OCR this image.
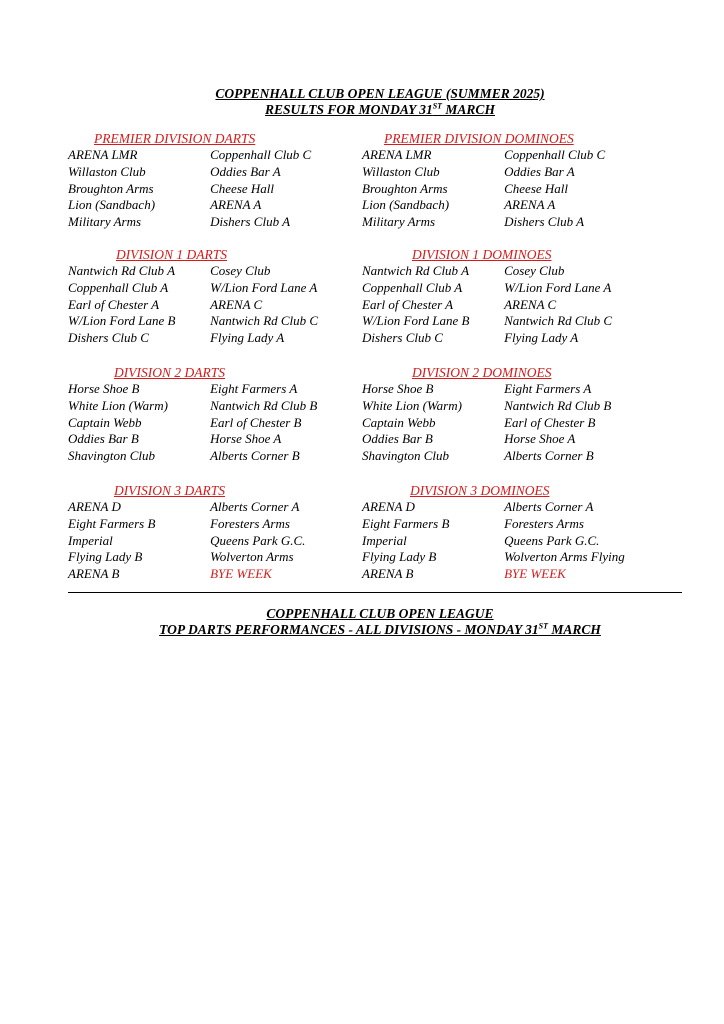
COPPENHALL CLUB OPEN LEAGUE (SUMMER 2025)
RESULTS FOR MONDAY 31ST MARCH
PREMIER DIVISION DARTS
ARENA LMR	Coppenhall Club C
Willaston Club	Oddies Bar A
Broughton Arms	Cheese Hall
Lion (Sandbach)	ARENA A
Military Arms	Dishers Club A
PREMIER DIVISION DOMINOES
ARENA LMR	Coppenhall Club C
Willaston Club	Oddies Bar A
Broughton Arms	Cheese Hall
Lion (Sandbach)	ARENA A
Military Arms	Dishers Club A
DIVISION 1 DARTS
Nantwich Rd Club A	Cosey Club
Coppenhall Club A	W/Lion Ford Lane A
Earl of Chester A	ARENA C
W/Lion Ford Lane B	Nantwich Rd Club C
Dishers Club C	Flying Lady A
DIVISION 1 DOMINOES
Nantwich Rd Club A	Cosey Club
Coppenhall Club A	W/Lion Ford Lane A
Earl of Chester A	ARENA C
W/Lion Ford Lane B	Nantwich Rd Club C
Dishers Club C	Flying Lady A
DIVISION 2 DARTS
Horse Shoe B	Eight Farmers A
White Lion (Warm)	Nantwich Rd Club B
Captain Webb	Earl of Chester B
Oddies Bar B	Horse Shoe A
Shavington Club	Alberts Corner B
DIVISION 2 DOMINOES
Horse Shoe B	Eight Farmers A
White Lion (Warm)	Nantwich Rd Club B
Captain Webb	Earl of Chester B
Oddies Bar B	Horse Shoe A
Shavington Club	Alberts Corner B
DIVISION 3 DARTS
ARENA D	Alberts Corner A
Eight Farmers B	Foresters Arms
Imperial	Queens Park G.C.
Flying Lady B	Wolverton Arms
ARENA B	BYE WEEK
DIVISION 3 DOMINOES
ARENA D	Alberts Corner A
Eight Farmers B	Foresters Arms
Imperial	Queens Park G.C.
Flying Lady B	Wolverton Arms Flying
ARENA B	BYE WEEK
COPPENHALL CLUB OPEN LEAGUE
TOP DARTS PERFORMANCES - ALL DIVISIONS - MONDAY 31ST MARCH
